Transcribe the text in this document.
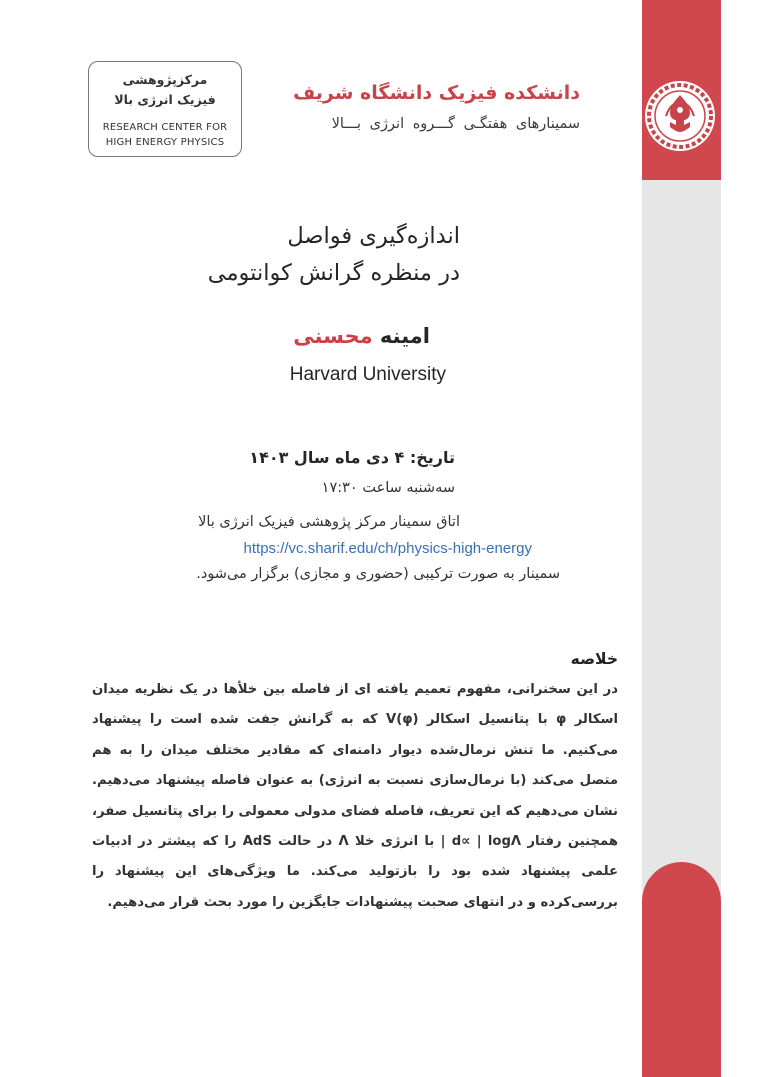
مرکزپژوهشی
فیزیک انرژی بالا
RESEARCH CENTER FOR
HIGH ENERGY PHYSICS
دانشکده فیزیک دانشگاه شریف
سمینارهای هفتگـی گـــروه انرژی بـــالا
اندازه‌گیری فواصل
در منظره گرانش کوانتومی
امینه محسنی
Harvard University
تاریخ: ۴ دی ماه سال ۱۴۰۳
سه‌شنبه ساعت ۱۷:۳۰
اتاق سمینار مرکز پژوهشی فیزیک انرژی بالا
https://vc.sharif.edu/ch/physics-high-energy
سمینار به صورت ترکیبی (حضوری و مجازی) برگزار می‌شود.
خلاصه
در این سخنرانی، مفهوم تعمیم یافته ای از فاصله بین خلأها در یک نظریه میدان اسکالر φ با پتانسیل اسکالر V(φ) که به گرانش جفت شده است را پیشنهاد می‌کنیم. ما تنش نرمال‌شده دیوار دامنه‌ای که مقادیر مختلف میدان را به هم متصل می‌کند (با نرمال‌سازی نسبت به انرژی) به عنوان فاصله پیشنهاد می‌دهیم. نشان می‌دهیم که این تعریف، فاصله فضای مدولی معمولی را برای پتانسیل صفر، همچنین رفتار d∝ | logΛ | با انرژی خلا Λ در حالت AdS را که پیشتر در ادبیات علمی پیشنهاد شده بود را بازتولید می‌کند. ما ویژگی‌های این پیشنهاد را بررسی‌کرده و در انتهای صحبت پیشنهادات جایگزین را مورد بحث قرار می‌دهیم.
